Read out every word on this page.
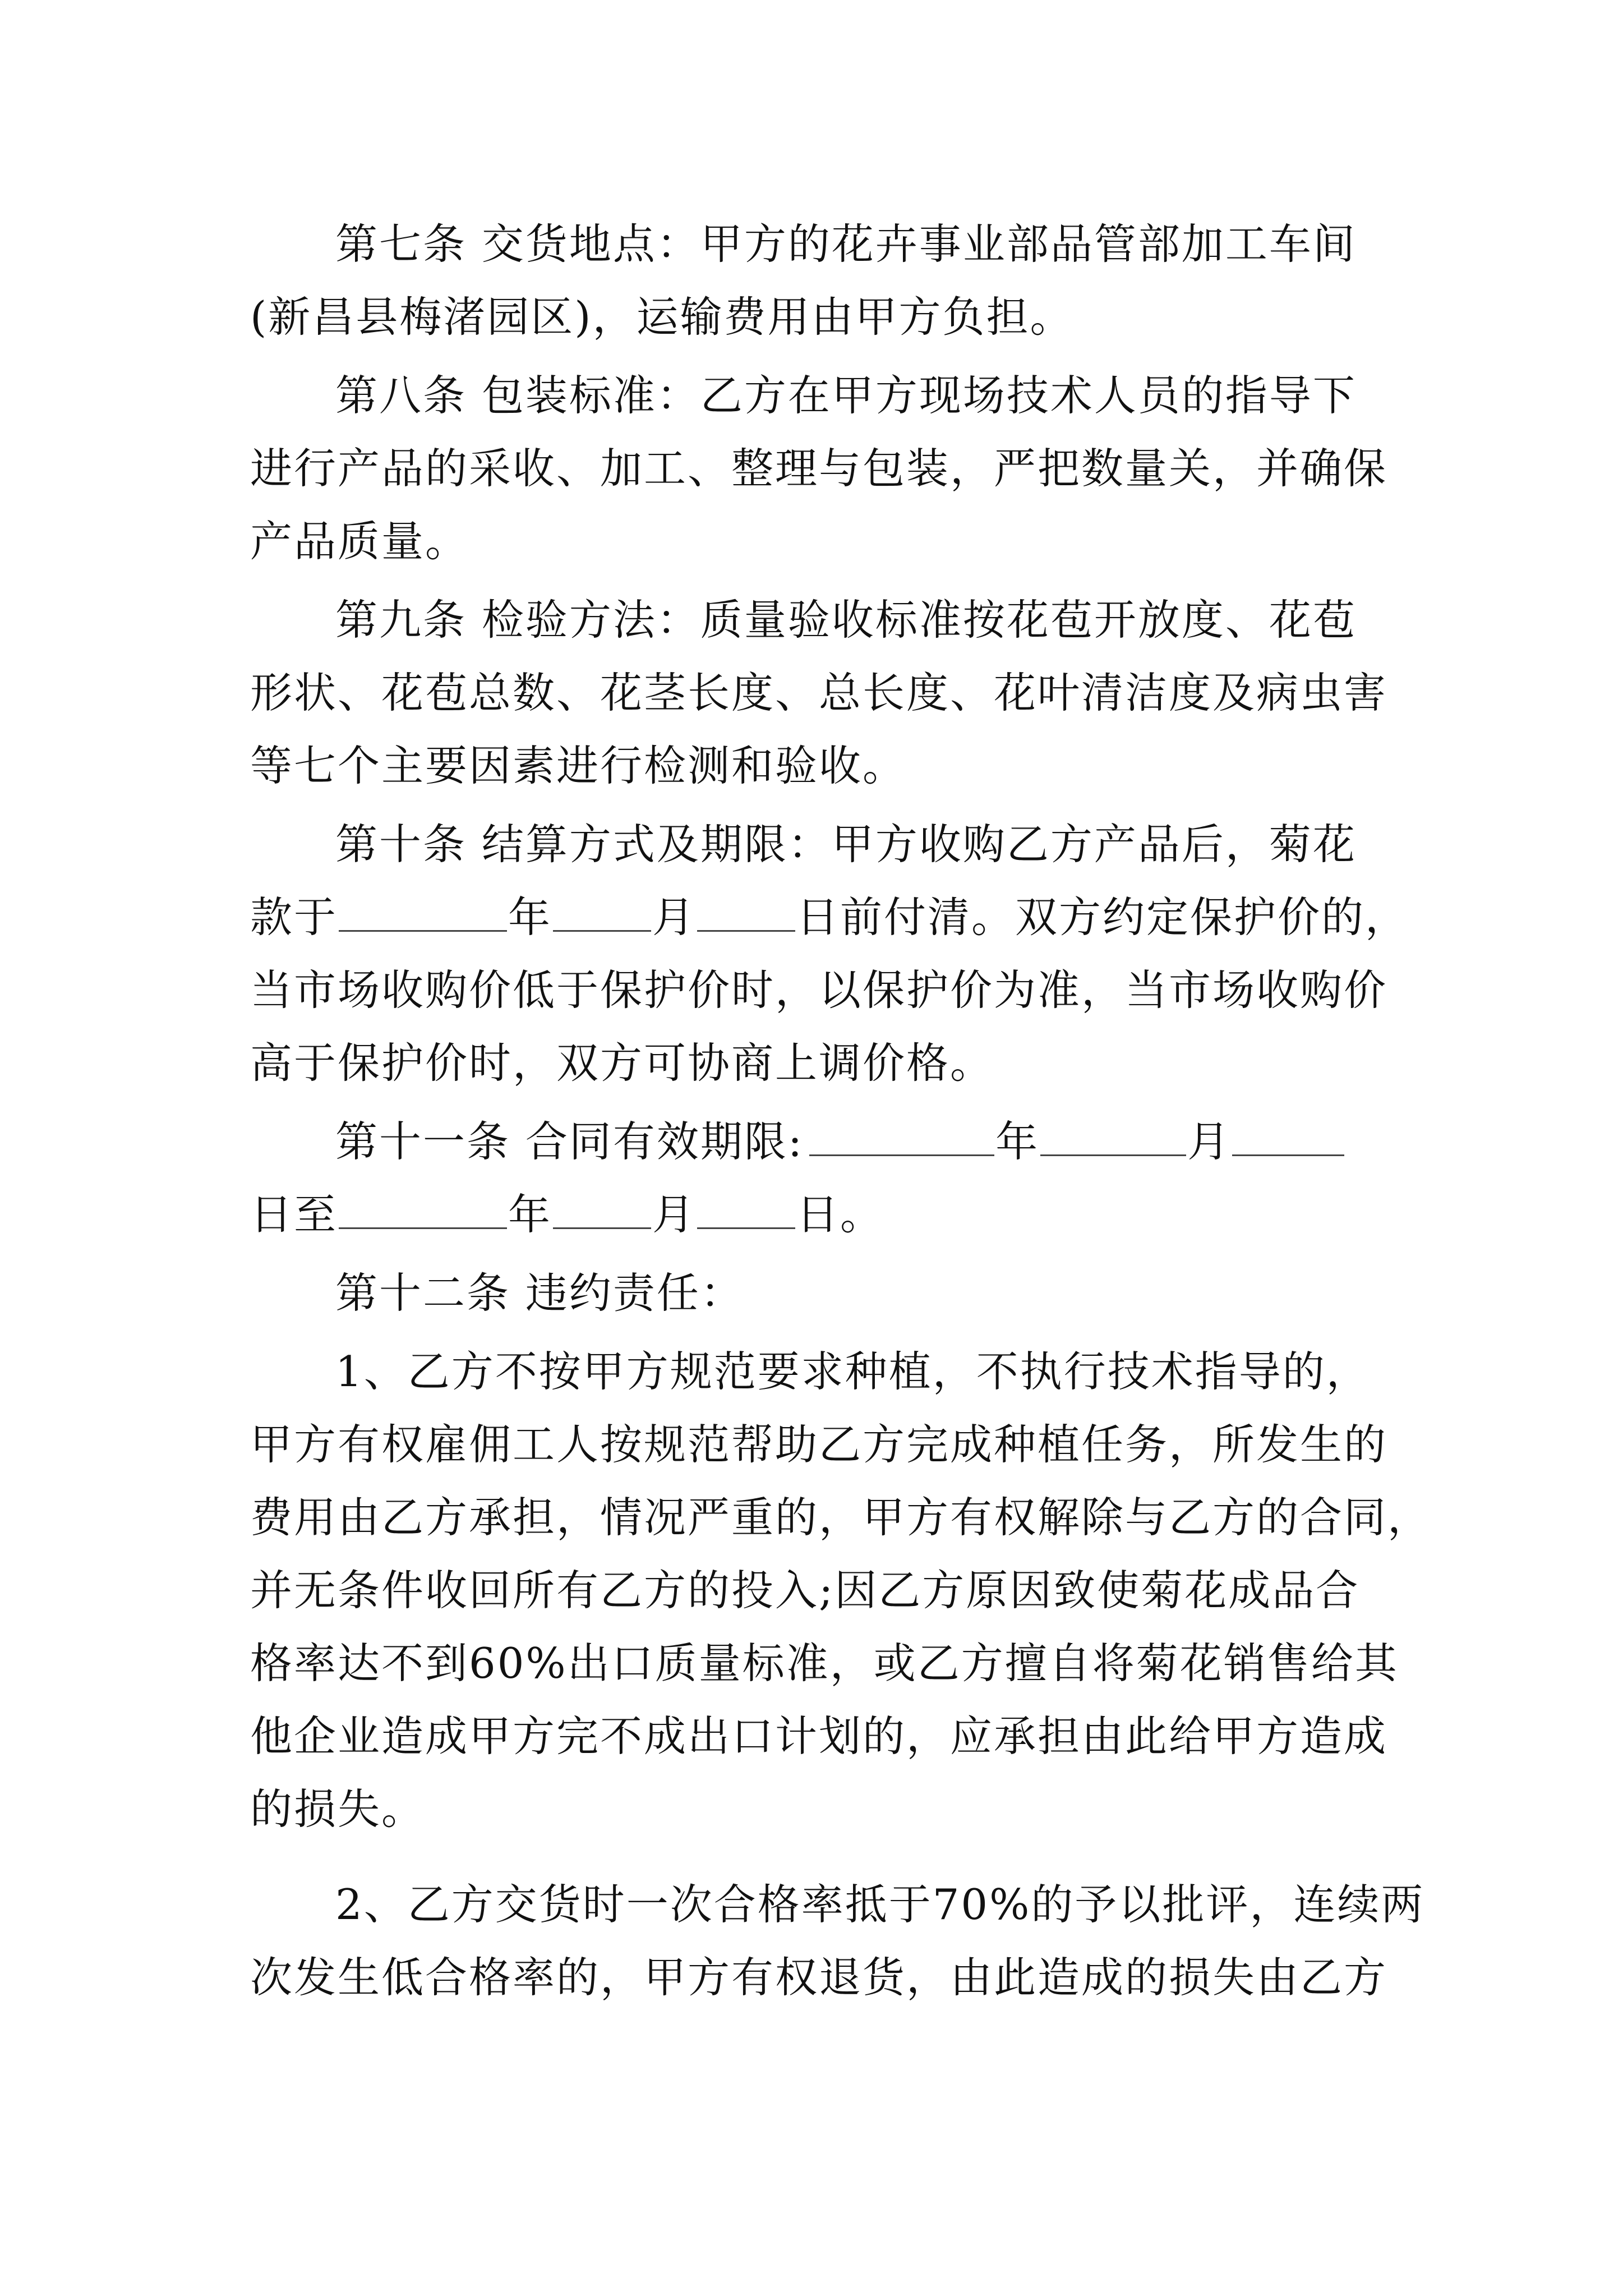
第七条 交货地点：甲方的花卉事业部品管部加工车间
(新昌县梅渚园区)，运输费用由甲方负担。
第八条 包装标准：乙方在甲方现场技术人员的指导下
进行产品的采收、加工、整理与包装，严把数量关，并确保
产品质量。
第九条 检验方法：质量验收标准按花苞开放度、花苞
形状、花苞总数、花茎长度、总长度、花叶清洁度及病虫害
等七个主要因素进行检测和验收。
第十条 结算方式及期限：甲方收购乙方产品后，菊花
款于	年 月 日前付清。双方约定保护价的，
当市场收购价低于保护价时，以保护价为准，当市场收购价
高于保护价时，双方可协商上调价格。
第十一条 合同有效期限:	年	月
日至	年 月 日。
第十二条 违约责任：
1、乙方不按甲方规范要求种植，不执行技术指导的，
甲方有权雇佣工人按规范帮助乙方完成种植任务，所发生的
费用由乙方承担，情况严重的，甲方有权解除与乙方的合同，
并无条件收回所有乙方的投入;因乙方原因致使菊花成品合
格率达不到60%出口质量标准，或乙方擅自将菊花销售给其
他企业造成甲方完不成出口计划的，应承担由此给甲方造成
的损失。
2、乙方交货时一次合格率抵于70%的予以批评，连续两
次发生低合格率的，甲方有权退货，由此造成的损失由乙方
